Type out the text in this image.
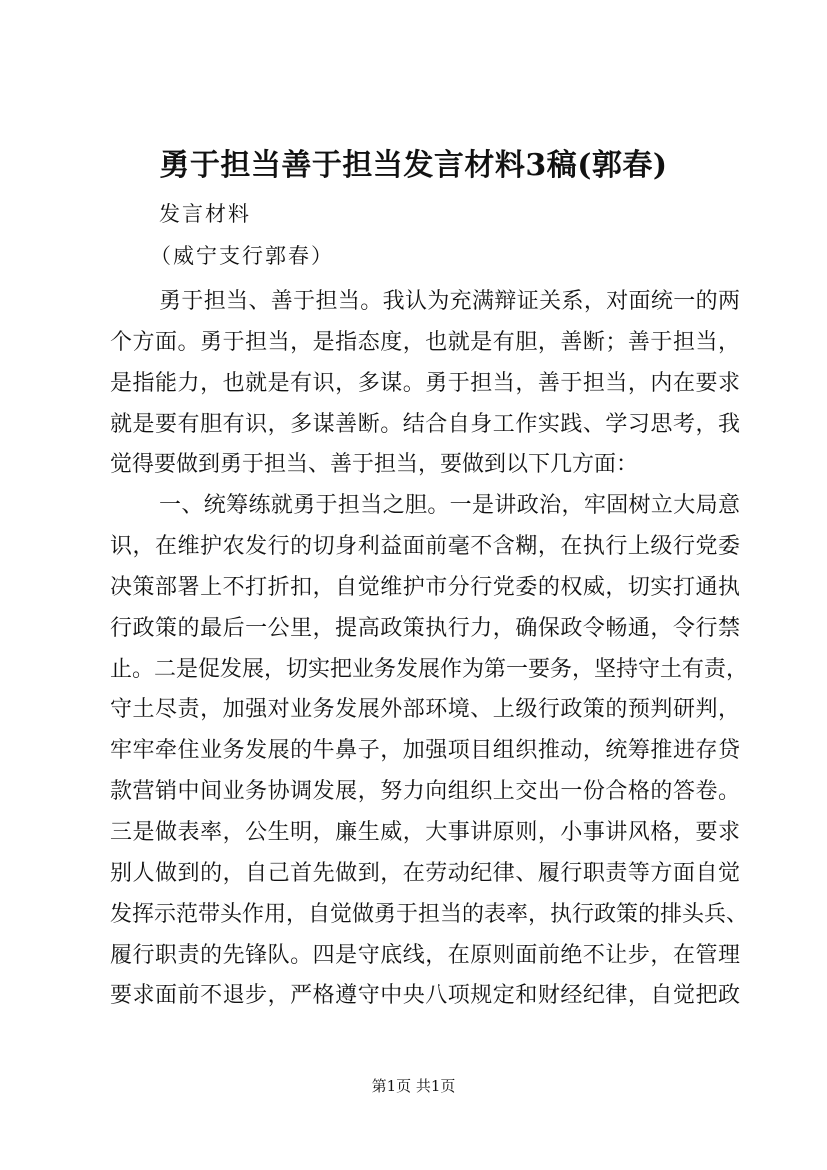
勇于担当善于担当发言材料3稿(郭春)
发言材料
（威宁支行郭春）
勇于担当、善于担当。我认为充满辩证关系，对面统一的两
个方面。勇于担当，是指态度，也就是有胆，善断；善于担当，
是指能力，也就是有识，多谋。勇于担当，善于担当，内在要求
就是要有胆有识，多谋善断。结合自身工作实践、学习思考，我
觉得要做到勇于担当、善于担当，要做到以下几方面：
一、统筹练就勇于担当之胆。一是讲政治，牢固树立大局意
识，在维护农发行的切身利益面前毫不含糊，在执行上级行党委
决策部署上不打折扣，自觉维护市分行党委的权威，切实打通执
行政策的最后一公里，提高政策执行力，确保政令畅通，令行禁
止。二是促发展，切实把业务发展作为第一要务，坚持守土有责，
守土尽责，加强对业务发展外部环境、上级行政策的预判研判，
牢牢牵住业务发展的牛鼻子，加强项目组织推动，统筹推进存贷
款营销中间业务协调发展，努力向组织上交出一份合格的答卷。
三是做表率，公生明，廉生威，大事讲原则，小事讲风格，要求
别人做到的，自己首先做到，在劳动纪律、履行职责等方面自觉
发挥示范带头作用，自觉做勇于担当的表率，执行政策的排头兵、
履行职责的先锋队。四是守底线，在原则面前绝不让步，在管理
要求面前不退步，严格遵守中央八项规定和财经纪律，自觉把政
第1页 共1页
